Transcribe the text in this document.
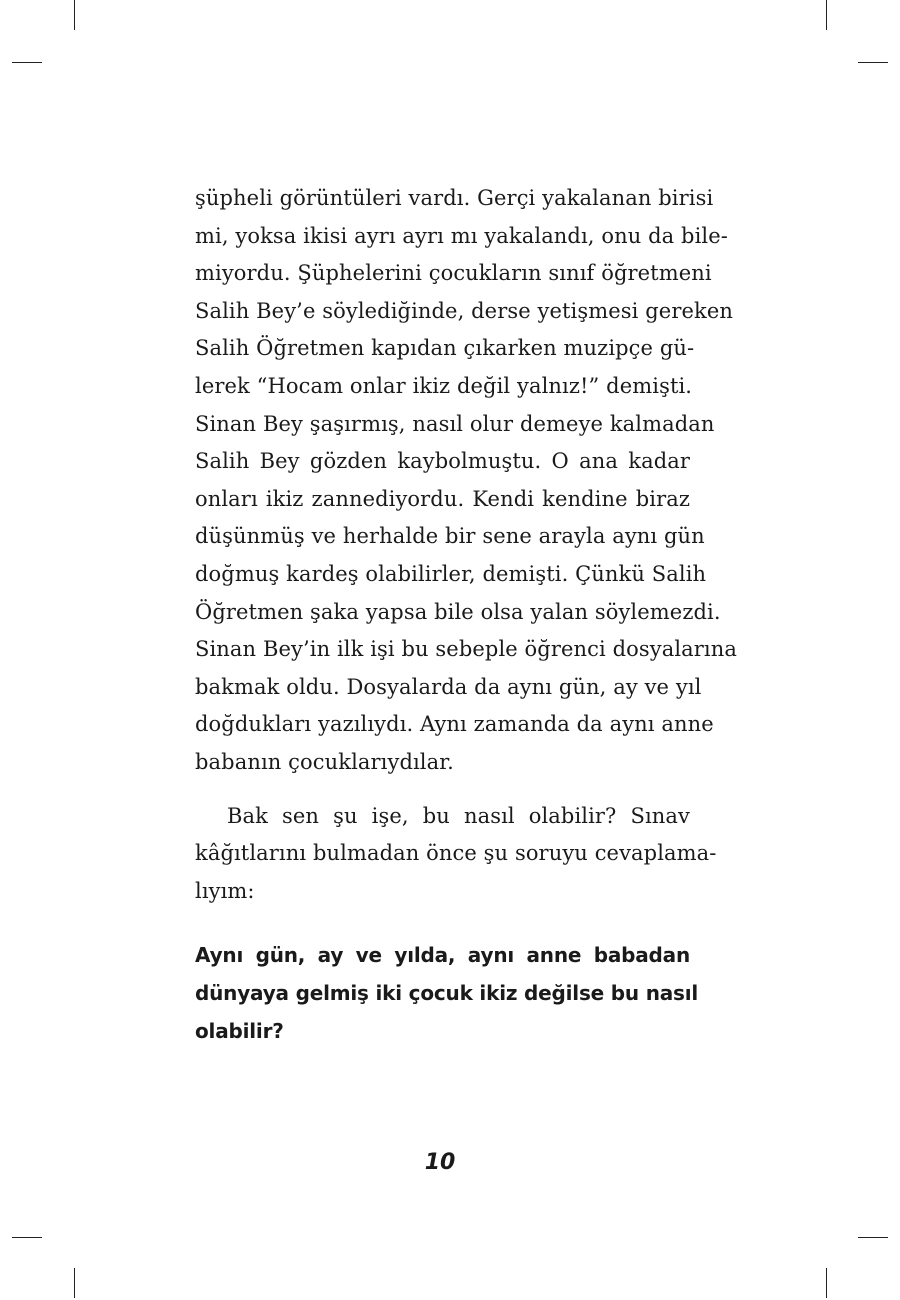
şüpheli görüntüleri vardı. Gerçi yakalanan birisi
mi, yoksa ikisi ayrı ayrı mı yakalandı, onu da bile-
miyordu. Şüphelerini çocukların sınıf öğretmeni
Salih Bey’e söylediğinde, derse yetişmesi gereken
Salih Öğretmen kapıdan çıkarken muzipçe gü-
lerek “Hocam onlar ikiz değil yalnız!” demişti.
Sinan Bey şaşırmış, nasıl olur demeye kalmadan
Salih Bey gözden kaybolmuştu. O ana kadar
onları ikiz zannediyordu. Kendi kendine biraz
düşünmüş ve herhalde bir sene arayla aynı gün
doğmuş kardeş olabilirler, demişti. Çünkü Salih
Öğretmen şaka yapsa bile olsa yalan söylemezdi.
Sinan Bey’in ilk işi bu sebeple öğrenci dosyalarına
bakmak oldu. Dosyalarda da aynı gün, ay ve yıl
doğdukları yazılıydı. Aynı zamanda da aynı anne
babanın çocuklarıydılar.

Bak sen şu işe, bu nasıl olabilir? Sınav
kâğıtlarını bulmadan önce şu soruyu cevaplama-
lıyım:

Aynı gün, ay ve yılda, aynı anne babadan
dünyaya gelmiş iki çocuk ikiz değilse bu nasıl
olabilir?
10
